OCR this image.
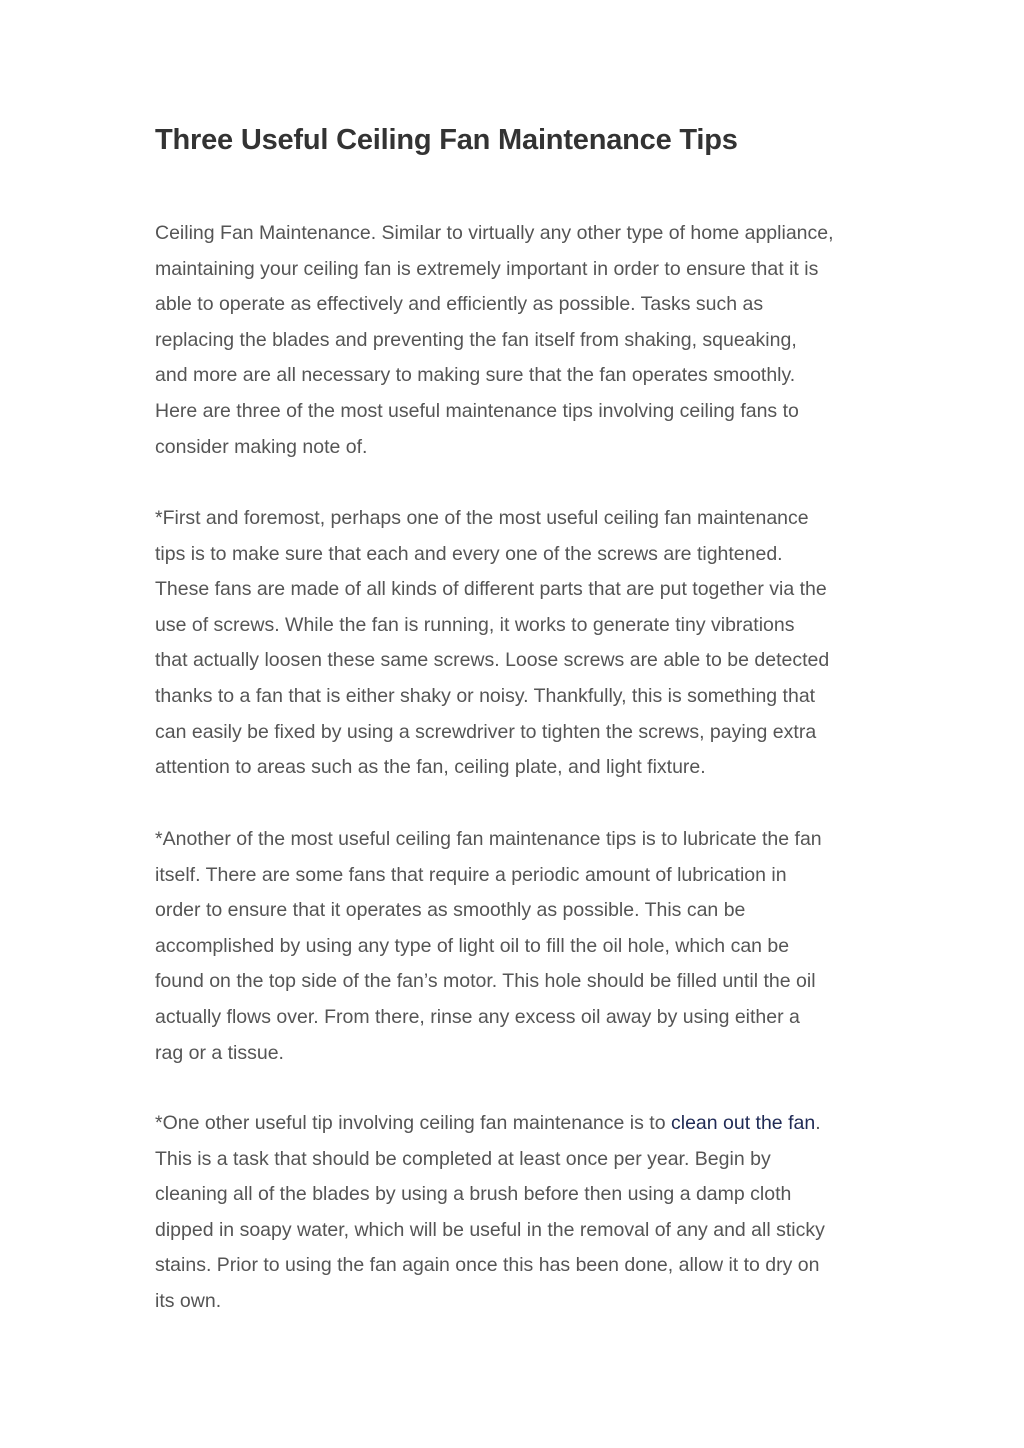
Three Useful Ceiling Fan Maintenance Tips

Ceiling Fan Maintenance. Similar to virtually any other type of home appliance,
maintaining your ceiling fan is extremely important in order to ensure that it is
able to operate as effectively and efficiently as possible. Tasks such as
replacing the blades and preventing the fan itself from shaking, squeaking,
and more are all necessary to making sure that the fan operates smoothly.
Here are three of the most useful maintenance tips involving ceiling fans to
consider making note of.

*First and foremost, perhaps one of the most useful ceiling fan maintenance
tips is to make sure that each and every one of the screws are tightened.
These fans are made of all kinds of different parts that are put together via the
use of screws. While the fan is running, it works to generate tiny vibrations
that actually loosen these same screws. Loose screws are able to be detected
thanks to a fan that is either shaky or noisy. Thankfully, this is something that
can easily be fixed by using a screwdriver to tighten the screws, paying extra
attention to areas such as the fan, ceiling plate, and light fixture.

*Another of the most useful ceiling fan maintenance tips is to lubricate the fan
itself. There are some fans that require a periodic amount of lubrication in
order to ensure that it operates as smoothly as possible. This can be
accomplished by using any type of light oil to fill the oil hole, which can be
found on the top side of the fan’s motor. This hole should be filled until the oil
actually flows over. From there, rinse any excess oil away by using either a
rag or a tissue.

*One other useful tip involving ceiling fan maintenance is to clean out the fan.
This is a task that should be completed at least once per year. Begin by
cleaning all of the blades by using a brush before then using a damp cloth
dipped in soapy water, which will be useful in the removal of any and all sticky
stains. Prior to using the fan again once this has been done, allow it to dry on
its own.
